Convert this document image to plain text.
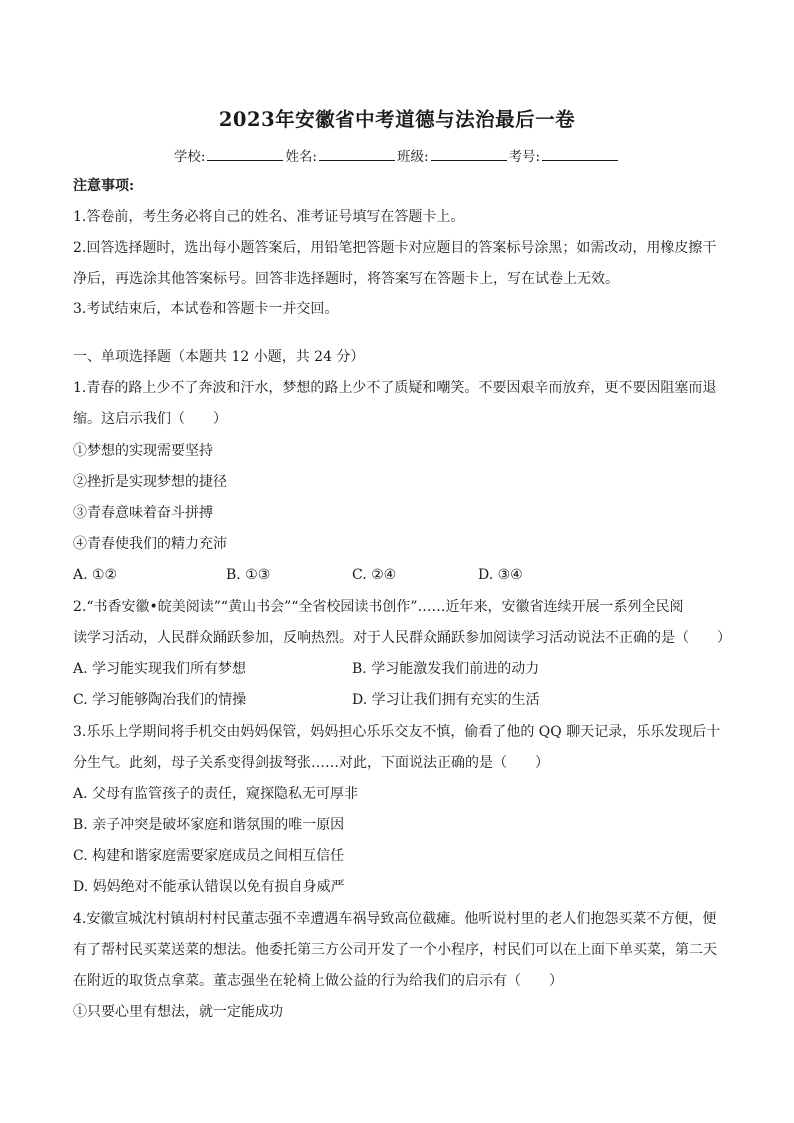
2023年安徽省中考道德与法治最后一卷
学校:	姓名:	班级:	考号:
注意事项:
1.答卷前，考生务必将自己的姓名、准考证号填写在答题卡上。
2.回答选择题时，选出每小题答案后，用铅笔把答题卡对应题目的答案标号涂黑；如需改动，用橡皮擦干
净后，再选涂其他答案标号。回答非选择题时，将答案写在答题卡上，写在试卷上无效。
3.考试结束后，本试卷和答题卡一并交回。
一、单项选择题（本题共 12 小题，共 24 分）
1.青春的路上少不了奔波和汗水，梦想的路上少不了质疑和嘲笑。不要因艰辛而放弃，更不要因阻塞而退
缩。这启示我们（　　）
①梦想的实现需要坚持
②挫折是实现梦想的捷径
③青春意味着奋斗拼搏
④青春使我们的精力充沛
A. ①②	B. ①③	C. ②④	D. ③④
2.“书香安徽•皖美阅读”“黄山书会”“全省校园读书创作”……近年来，安徽省连续开展一系列全民阅
读学习活动，人民群众踊跃参加，反响热烈。对于人民群众踊跃参加阅读学习活动说法不正确的是（　　）
A. 学习能实现我们所有梦想	B. 学习能激发我们前进的动力
C. 学习能够陶冶我们的情操	D. 学习让我们拥有充实的生活
3.乐乐上学期间将手机交由妈妈保管，妈妈担心乐乐交友不慎，偷看了他的 QQ 聊天记录，乐乐发现后十
分生气。此刻，母子关系变得剑拔弩张……对此，下面说法正确的是（　　）
A. 父母有监管孩子的责任，窥探隐私无可厚非
B. 亲子冲突是破坏家庭和谐氛围的唯一原因
C. 构建和谐家庭需要家庭成员之间相互信任
D. 妈妈绝对不能承认错误以免有损自身威严
4.安徽宣城沈村镇胡村村民董志强不幸遭遇车祸导致高位截瘫。他听说村里的老人们抱怨买菜不方便，便
有了帮村民买菜送菜的想法。他委托第三方公司开发了一个小程序，村民们可以在上面下单买菜，第二天
在附近的取货点拿菜。董志强坐在轮椅上做公益的行为给我们的启示有（　　）
①只要心里有想法，就一定能成功
